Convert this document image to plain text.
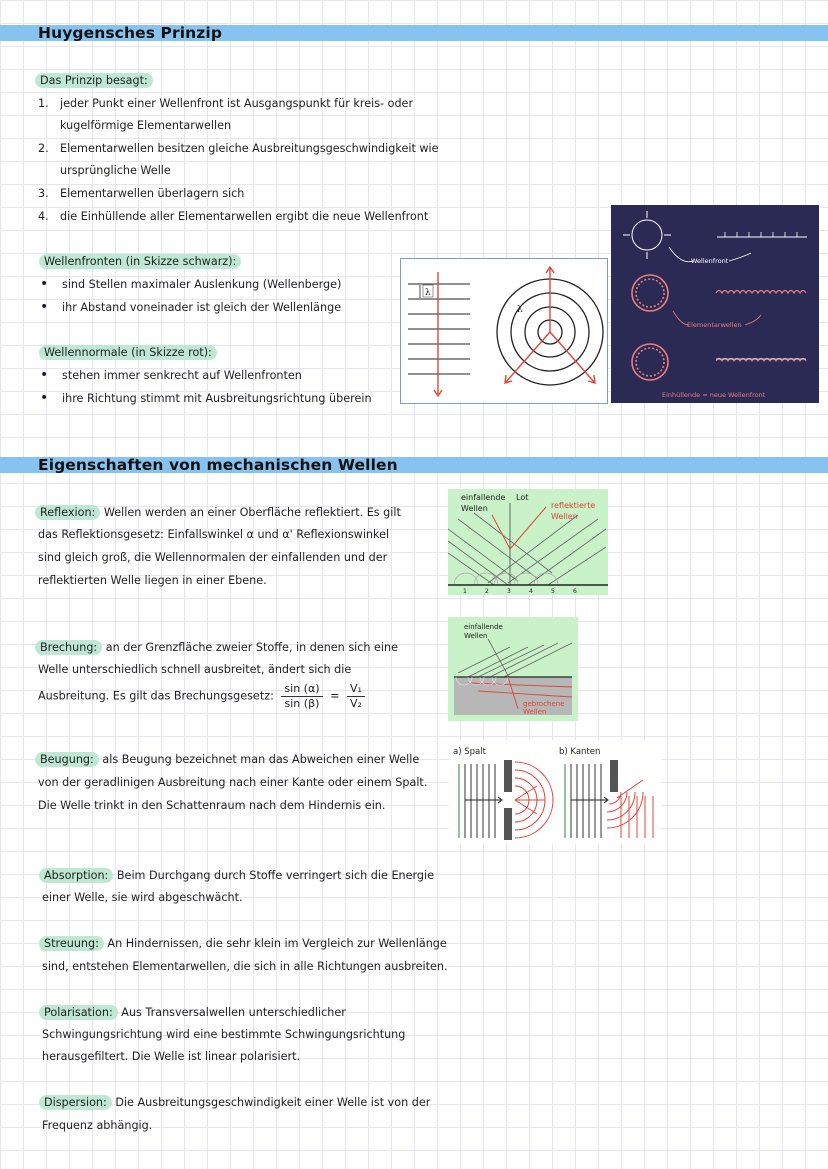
Huygensches Prinzip
Das Prinzip besagt:
1. jeder Punkt einer Wellenfront ist Ausgangspunkt für kreis- oder
kugelförmige Elementarwellen
2. Elementarwellen besitzen gleiche Ausbreitungsgeschwindigkeit wie
ursprüngliche Welle
3. Elementarwellen überlagern sich
4. die Einhüllende aller Elementarwellen ergibt die neue Wellenfront
Wellenfronten (in Skizze schwarz):
• sind Stellen maximaler Auslenkung (Wellenberge)
• ihr Abstand voneinader ist gleich der Wellenlänge
Wellennormale (in Skizze rot):
• stehen immer senkrecht auf Wellenfronten
• ihre Richtung stimmt mit Ausbreitungsrichtung überein
λ
λ
Wellenfront
Elementarwellen
Einhüllende = neue Wellenfront
Eigenschaften von mechanischen Wellen
Reflexion: Wellen werden an einer Oberfläche reflektiert. Es gilt
das Reflektionsgesetz: Einfallswinkel α und α' Reflexionswinkel
sind gleich groß, die Wellennormalen der einfallenden und der
reflektierten Welle liegen in einer Ebene.
einfallende Wellen
Lot
reflektierte Wellen
1	2	3	4	5	6
Brechung: an der Grenzfläche zweier Stoffe, in denen sich eine
Welle unterschiedlich schnell ausbreitet, ändert sich die
Ausbreitung. Es gilt das Brechungsgesetz: $\frac{\sin (\alpha)}{\sin (\beta)} = \frac{\text{V₁}}{\text{V₂}}$
einfallende Wellen
gebrochene Wellen
Beugung: als Beugung bezeichnet man das Abweichen einer Welle
von der geradlinigen Ausbreitung nach einer Kante oder einem Spalt.
Die Welle trinkt in den Schattenraum nach dem Hindernis ein.
a) Spalt	b) Kanten
Absorption: Beim Durchgang durch Stoffe verringert sich die Energie
einer Welle, sie wird abgeschwächt.
Streuung: An Hindernissen, die sehr klein im Vergleich zur Wellenlänge
sind, entstehen Elementarwellen, die sich in alle Richtungen ausbreiten.
Polarisation: Aus Transversalwellen unterschiedlicher
Schwingungsrichtung wird eine bestimmte Schwingungsrichtung
herausgefiltert. Die Welle ist linear polarisiert.
Dispersion: Die Ausbreitungsgeschwindigkeit einer Welle ist von der
Frequenz abhängig.
